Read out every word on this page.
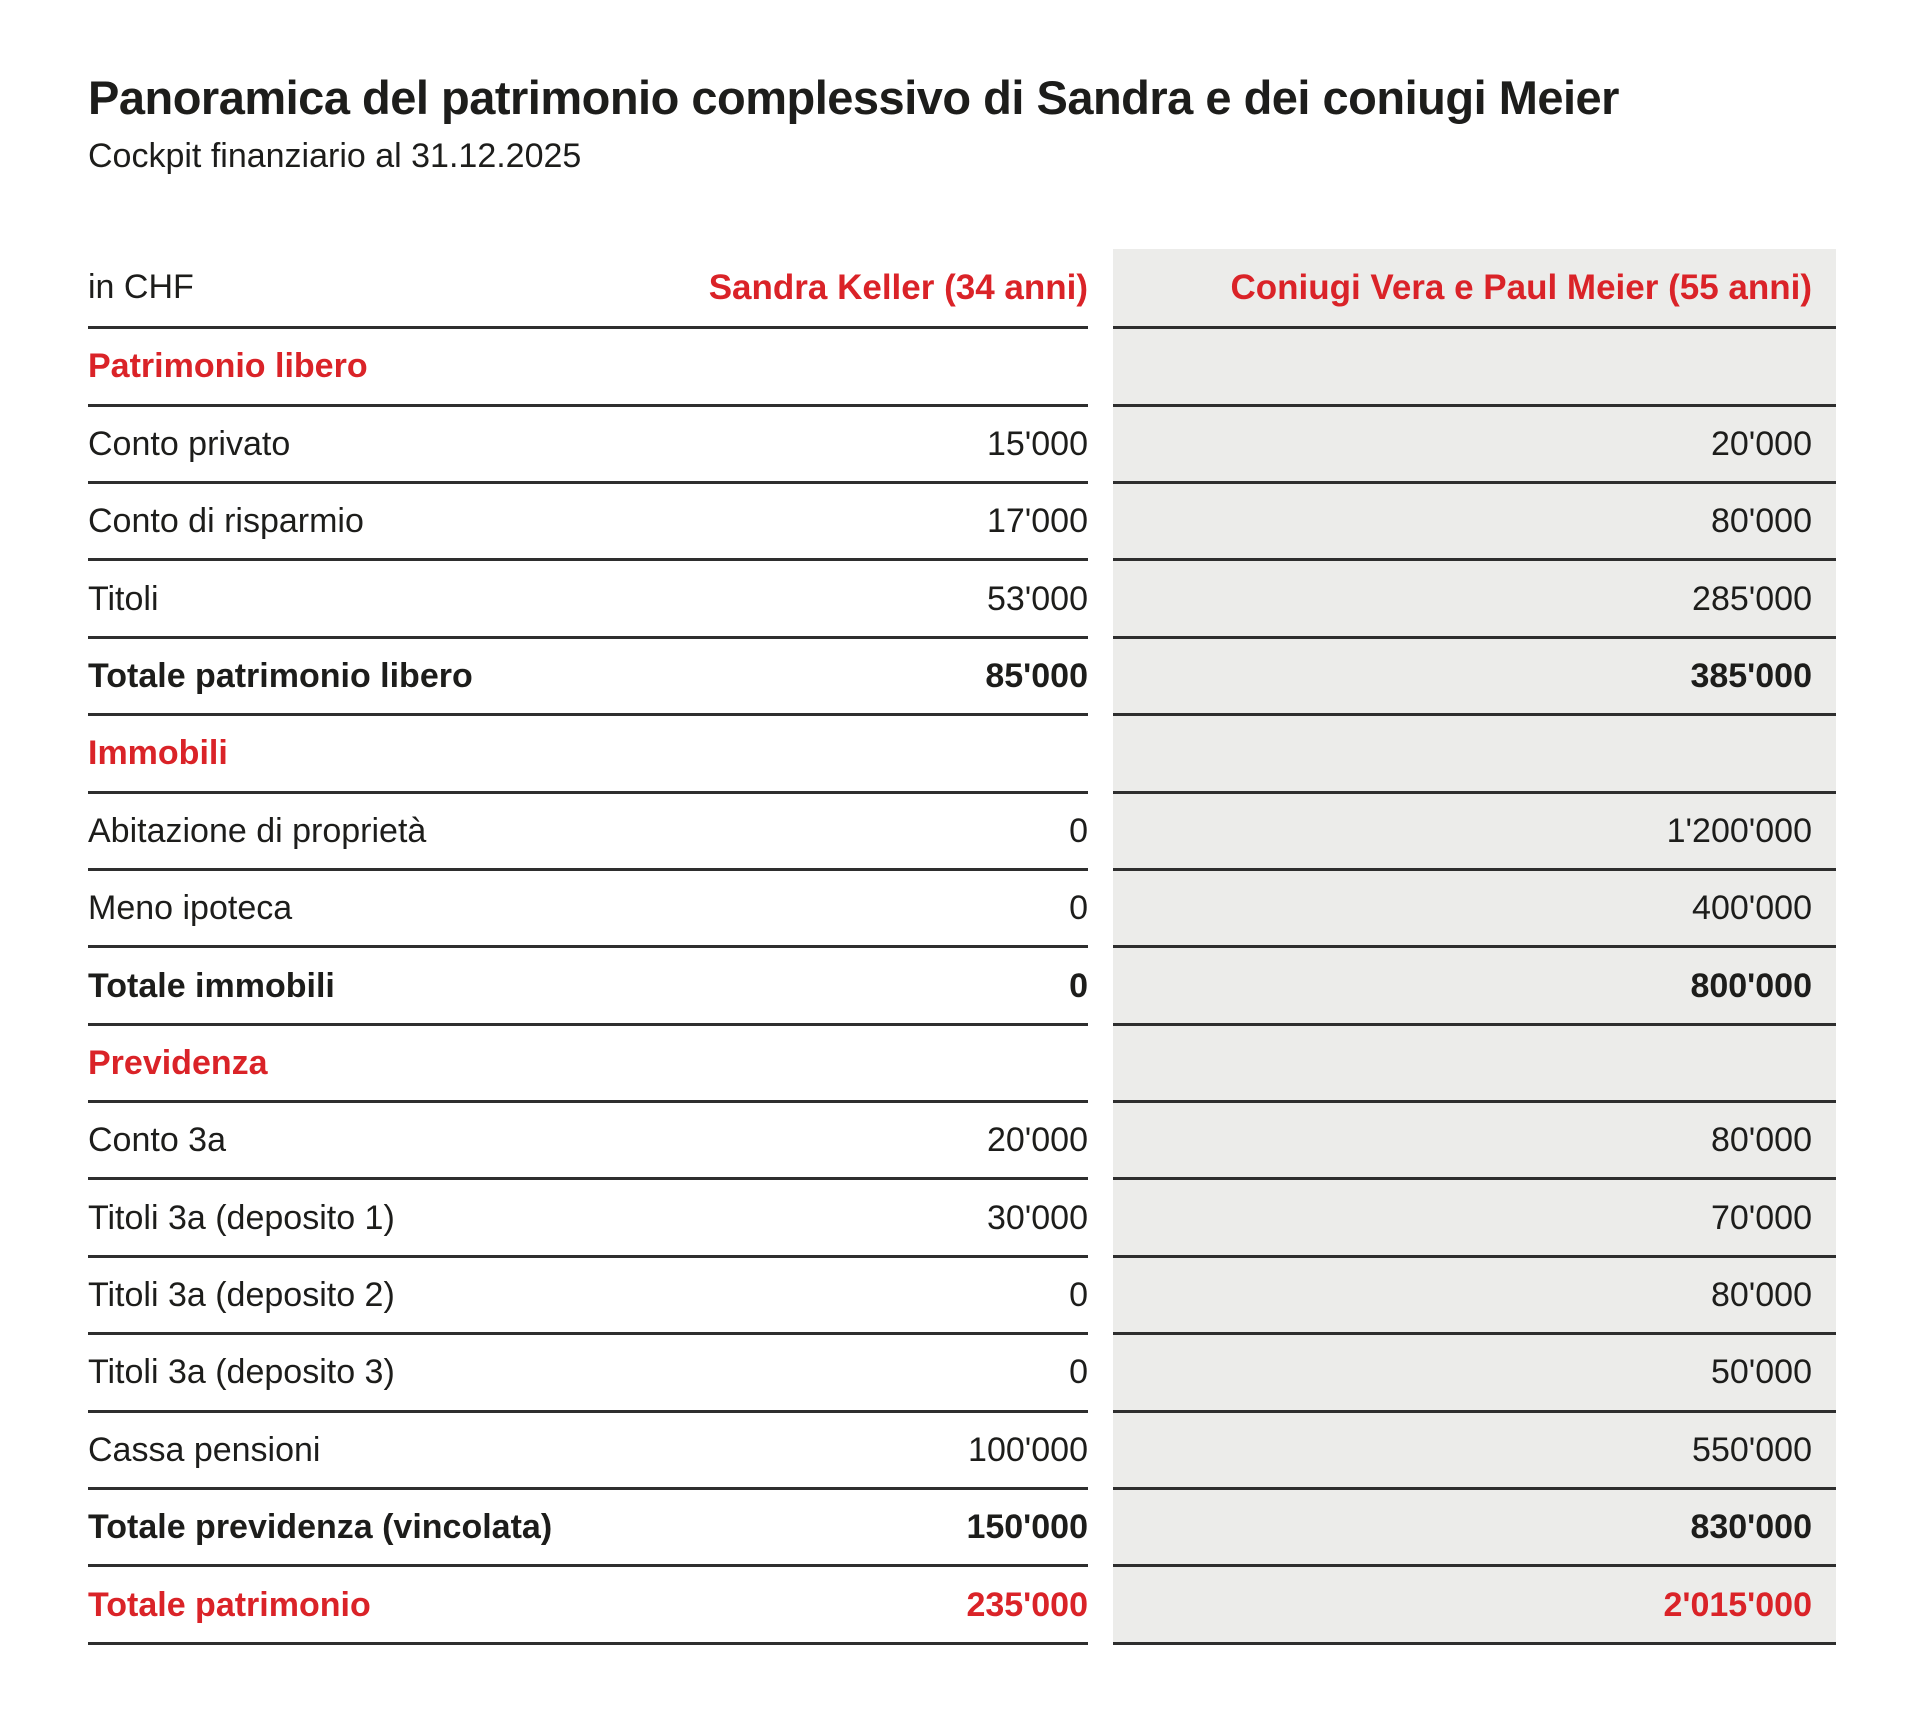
Panoramica del patrimonio complessivo di Sandra e dei coniugi Meier
Cockpit finanziario al 31.12.2025
in CHF	Sandra Keller (34 anni)	Coniugi Vera e Paul Meier (55 anni)
Patrimonio libero
Conto privato	15'000	20'000
Conto di risparmio	17'000	80'000
Titoli	53'000	285'000
Totale patrimonio libero	85'000	385'000
Immobili
Abitazione di proprietà	0	1'200'000
Meno ipoteca	0	400'000
Totale immobili	0	800'000
Previdenza
Conto 3a	20'000	80'000
Titoli 3a (deposito 1)	30'000	70'000
Titoli 3a (deposito 2)	0	80'000
Titoli 3a (deposito 3)	0	50'000
Cassa pensioni	100'000	550'000
Totale previdenza (vincolata)	150'000	830'000
Totale patrimonio	235'000	2'015'000
